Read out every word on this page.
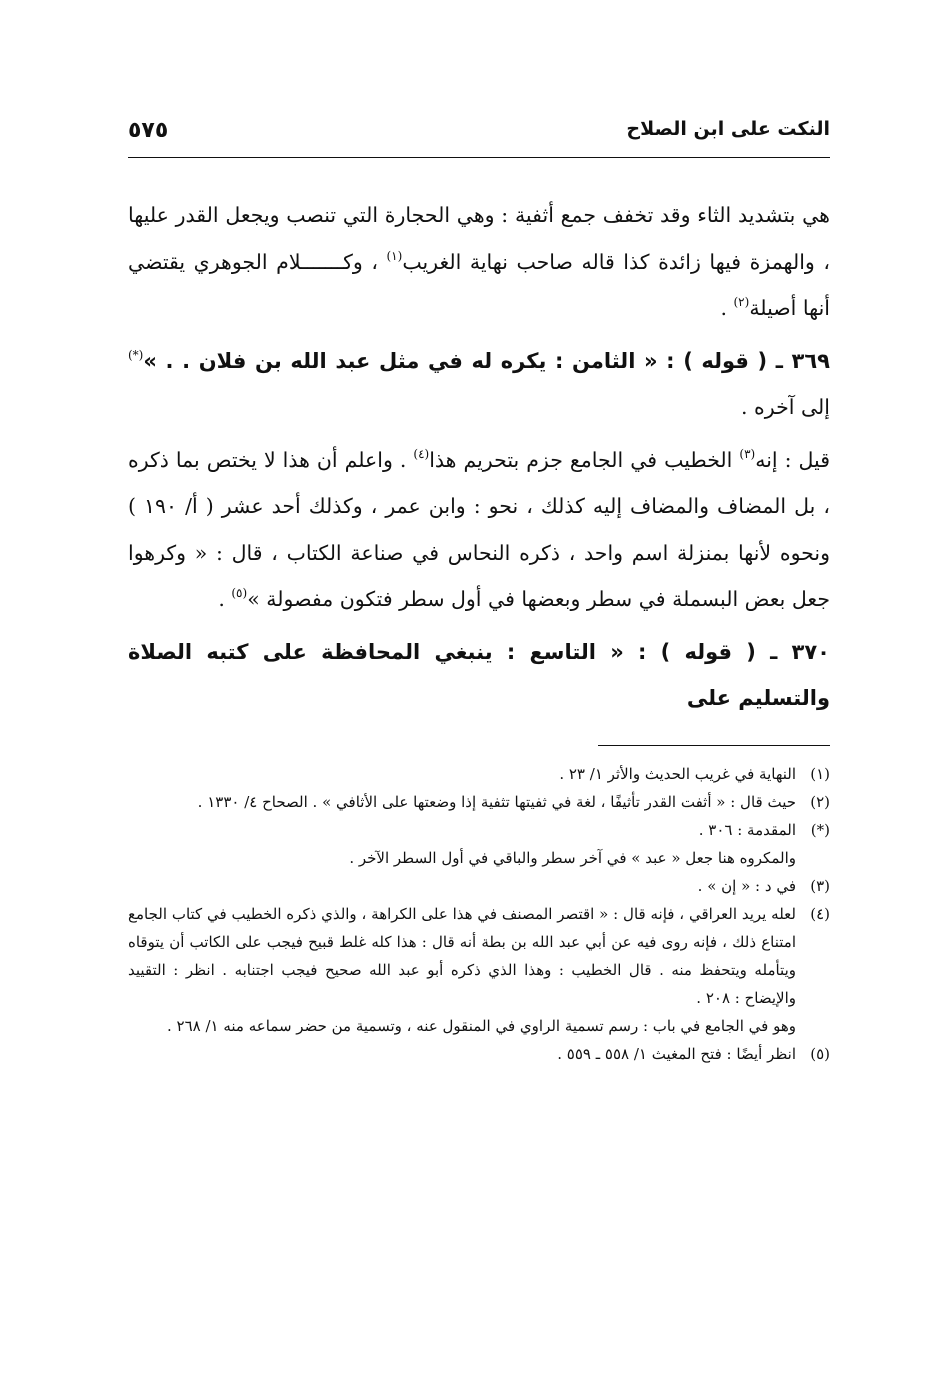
النكت على ابن الصلاح
٥٧٥

هي بتشديد الثاء وقد تخفف جمع أثفية : وهي الحجارة التي تنصب ويجعل القدر عليها ، والهمزة فيها زائدة كذا قاله صاحب نهاية الغريب$^{(١)}$ ، وكـــــــلام الجوهري يقتضي أنها أصيلة$^{(٢)}$ .

٣٦٩ ـ ( قوله ) : « الثامن : يكره له في مثل عبد الله بن فلان . . »(*) إلى آخره .

قيل : إنه$^{(٣)}$ الخطيب في الجامع جزم بتحريم هذا$^{(٤)}$ . واعلم أن هذا لا يختص بما ذكره ، بل المضاف والمضاف إليه كذلك ، نحو : وابن عمر ، وكذلك أحد عشر ( أ/ ١٩٠ ) ونحوه لأنها بمنزلة اسم واحد ، ذكره النحاس في صناعة الكتاب ، قال : « وكرهوا جعل بعض البسملة في سطر وبعضها في أول سطر فتكون مفصولة »$^{(٥)}$ .

٣٧٠ ـ ( قوله ) : « التاسع : ينبغي المحافظة على كتبه الصلاة والتسليم على

(١)
النهاية في غريب الحديث والأثر ١/ ٢٣ .
(٢)
حيث قال : « أثفت القدر تأثيفًا ، لغة في ثفيتها تثفية إذا وضعتها على الأثافي » . الصحاح ٤/ ١٣٣٠ .
(*)
المقدمة : ٣٠٦ .
والمكروه هنا جعل « عبد » في آخر سطر والباقي في أول السطر الآخر .
(٣)
في د : « إن » .
(٤)
لعله يريد العراقي ، فإنه قال : « اقتصر المصنف في هذا على الكراهة ، والذي ذكره الخطيب في كتاب الجامع امتناع ذلك ، فإنه روى فيه عن أبي عبد الله بن بطة أنه قال : هذا كله غلط قبيح فيجب على الكاتب أن يتوقاه ويتأمله ويتحفظ منه . قال الخطيب : وهذا الذي ذكره أبو عبد الله صحيح فيجب اجتنابه . انظر : التقييد والإيضاح : ٢٠٨ .
وهو في الجامع في باب : رسم تسمية الراوي في المنقول عنه ، وتسمية من حضر سماعه منه ١/ ٢٦٨ .
(٥)
انظر أيضًا : فتح المغيث ١/ ٥٥٨ ـ ٥٥٩ .
